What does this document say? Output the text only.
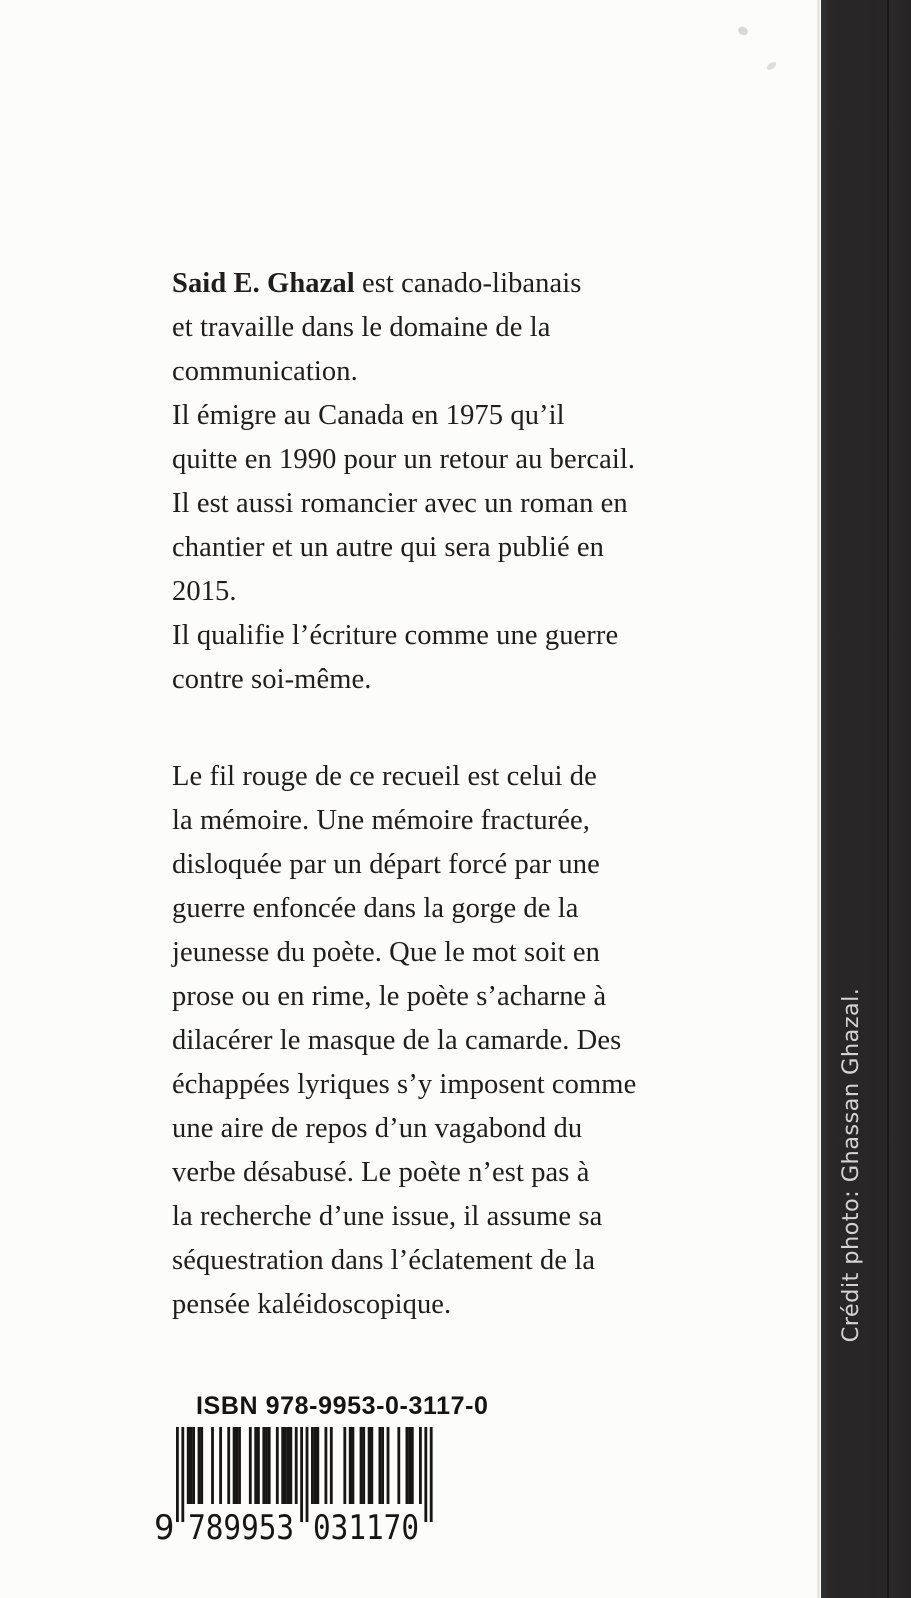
Said E. Ghazal est canado-libanais
et travaille dans le domaine de la
communication.
Il émigre au Canada en 1975 qu’il
quitte en 1990 pour un retour au bercail.
Il est aussi romancier avec un roman en
chantier et un autre qui sera publié en
2015.
Il qualifie l’écriture comme une guerre
contre soi-même.
Le fil rouge de ce recueil est celui de
la mémoire. Une mémoire fracturée,
disloquée par un départ forcé par une
guerre enfoncée dans la gorge de la
jeunesse du poète. Que le mot soit en
prose ou en rime, le poète s’acharne à
dilacérer le masque de la camarde. Des
échappées lyriques s’y imposent comme
une aire de repos d’un vagabond du
verbe désabusé. Le poète n’est pas à
la recherche d’une issue, il assume sa
séquestration dans l’éclatement de la
pensée kaléidoscopique.
ISBN 978-9953-0-3117-0
9 789953 031170
Crédit photo: Ghassan Ghazal.
